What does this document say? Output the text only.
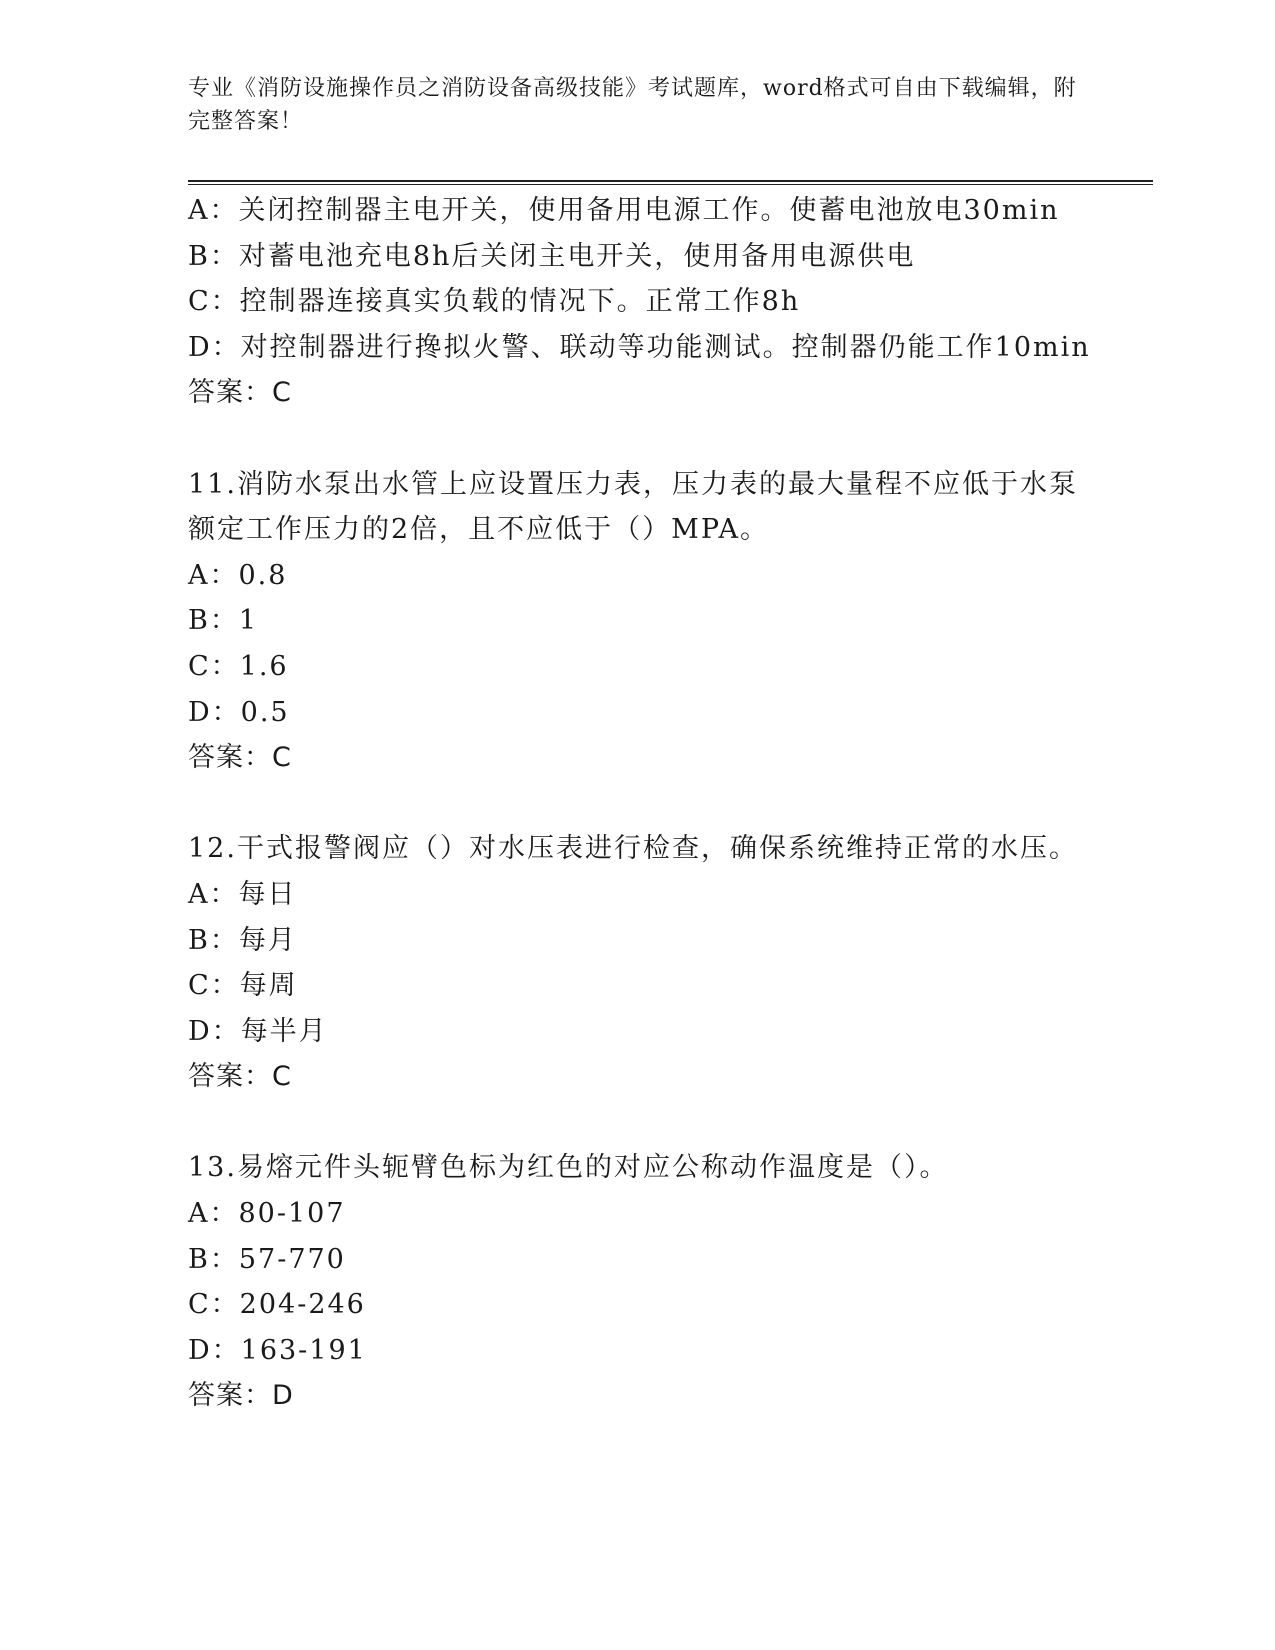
专业《消防设施操作员之消防设备高级技能》考试题库，word格式可自由下载编辑，附完整答案！
A：关闭控制器主电开关，使用备用电源工作。使蓄电池放电30min
B：对蓄电池充电8h后关闭主电开关，使用备用电源供电
C：控制器连接真实负载的情况下。正常工作8h
D：对控制器进行搀拟火警、联动等功能测试。控制器仍能工作10min
答案：C
11.消防水泵出水管上应设置压力表，压力表的最大量程不应低于水泵
额定工作压力的2倍，且不应低于（）MPA。
A：0.8
B：1
C：1.6
D：0.5
答案：C
12.干式报警阀应（）对水压表进行检查，确保系统维持正常的水压。
A：每日
B：每月
C：每周
D：每半月
答案：C
13.易熔元件头轭臂色标为红色的对应公称动作温度是（）。
A：80-107
B：57-770
C：204-246
D：163-191
答案：D
